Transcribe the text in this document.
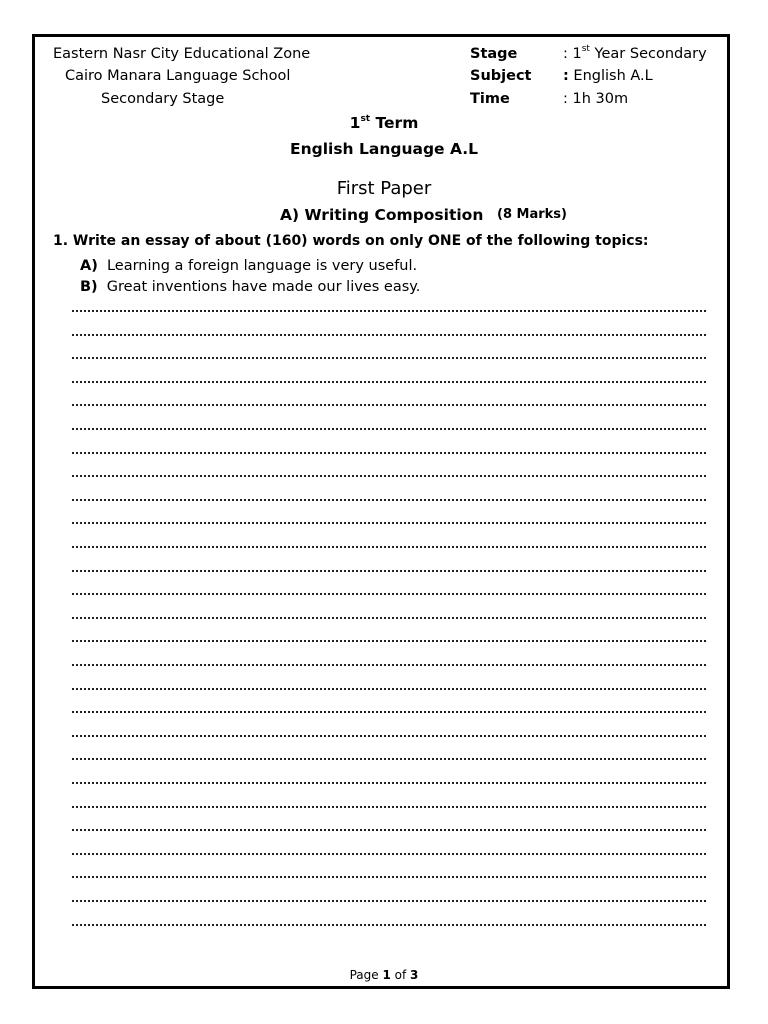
Eastern Nasr City Educational Zone
Cairo Manara Language School
Secondary Stage
Stage	: 1st Year Secondary
Subject : English A.L
Time	: 1h 30m
1st Term
English Language A.L
First Paper
A) Writing Composition (8 Marks)
1. Write an essay of about (160) words on only ONE of the following topics:
A) Learning a foreign language is very useful.
B) Great inventions have made our lives easy.
Page 1 of 3
